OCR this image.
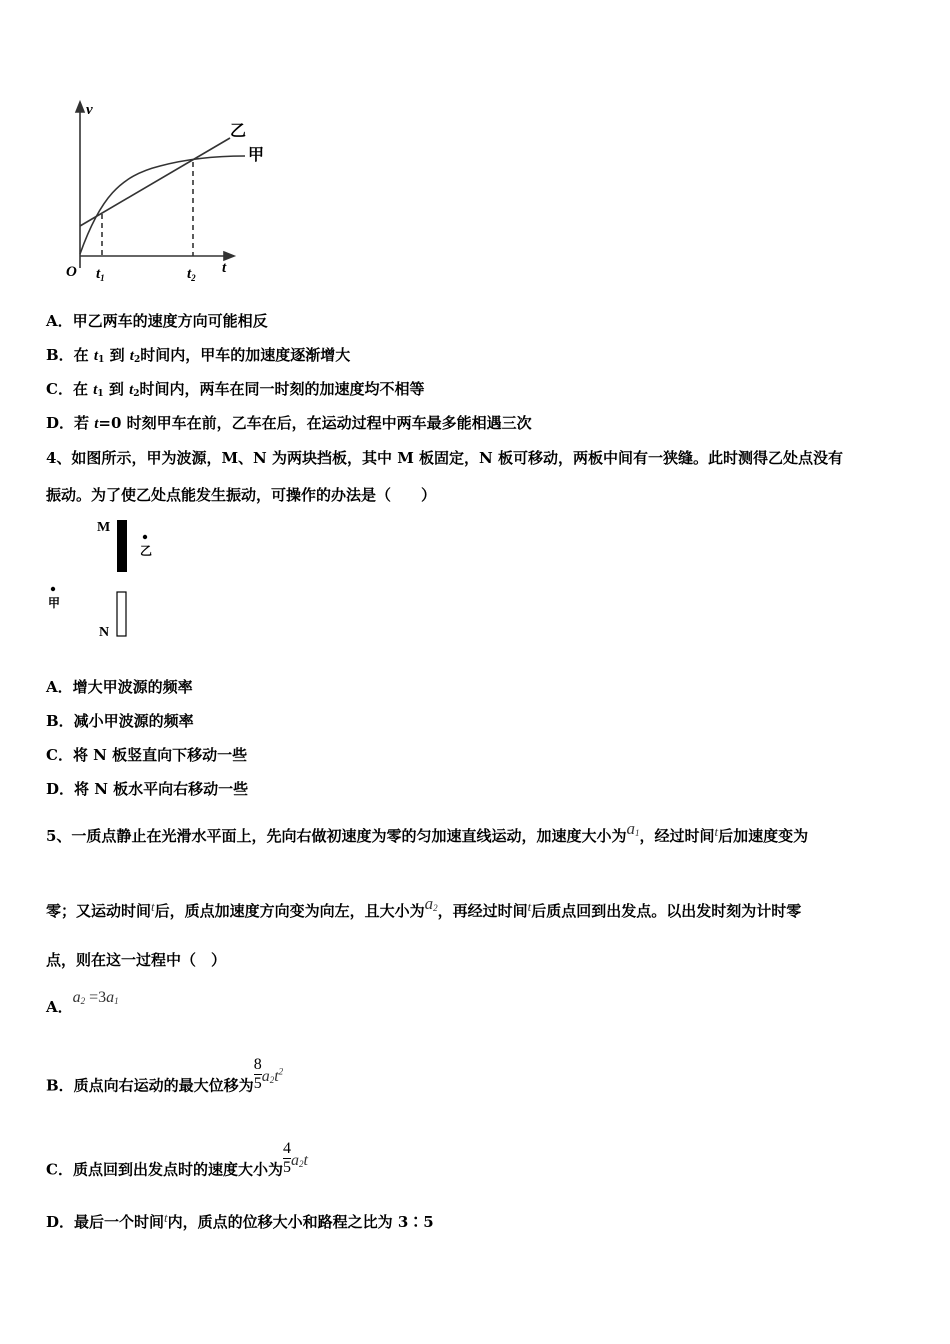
v
O $t_1$	$t_2$
t
乙
甲
A．甲乙两车的速度方向可能相反
B．在 $t_1$ 到 $t_2$时间内，甲车的加速度逐渐增大
C．在 $t_1$ 到 $t_2$时间内，两车在同一时刻的加速度均不相等
D．若 t=0 时刻甲车在前，乙车在后，在运动过程中两车最多能相遇三次
4、如图所示，甲为波源，M、N 为两块挡板，其中 M 板固定，N 板可移动，两板中间有一狭缝。此时测得乙处点没有
振动。为了使乙处点能发生振动，可操作的办法是（　　）
M
N
乙
甲
A．增大甲波源的频率
B．减小甲波源的频率
C．将 N 板竖直向下移动一些
D．将 N 板水平向右移动一些
5、一质点静止在光滑水平面上，先向右做初速度为零的匀加速直线运动，加速度大小为$a_1$，经过时间t后加速度变为
零；又运动时间t后，质点加速度方向变为向左，且大小为$a_2$，再经过时间t后质点回到出发点。以出发时刻为计时零
点，则在这一过程中（　）
A．$a_2 =3a_1$
B．质点向右运动的最大位移为 $\frac{8}{5} a_2t^2$
C．质点回到出发点时的速度大小为 $\frac{4}{5} a_2t$
D．最后一个时间t内，质点的位移大小和路程之比为 3∶5
